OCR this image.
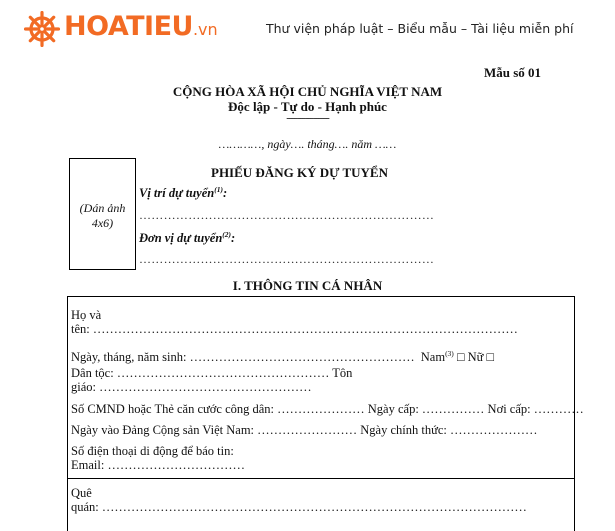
HOATIEU.vn	Thư viện pháp luật – Biểu mẫu – Tài liệu miễn phí
Mẫu số 01
CỘNG HÒA XÃ HỘI CHỦ NGHĨA VIỆT NAM
Độc lập - Tự do - Hạnh phúc
----------------
…………, ngày…. tháng…. năm ……
(Dán ảnh
4x6)
PHIẾU ĐĂNG KÝ DỰ TUYỂN
Vị trí dự tuyển$^{(1)}$:
………………………………………………………………
Đơn vị dự tuyển$^{(2)}$:
………………………………………………………………
I. THÔNG TIN CÁ NHÂN
Họ và
tên: …………………………………………………………………………………………
Ngày, tháng, năm sinh: ……………………………………………… Nam$^{(3)}$ □ Nữ □
Dân tộc: …………………………………………… Tôn
giáo: ……………………………………………
Số CMND hoặc Thẻ căn cước công dân: ………………… Ngày cấp: …………… Nơi cấp: …………
Ngày vào Đảng Cộng sản Việt Nam: …………………… Ngày chính thức: …………………
Số điện thoại di động để báo tin:
Email: ……………………………
Quê
quán: …………………………………………………………………………………………
